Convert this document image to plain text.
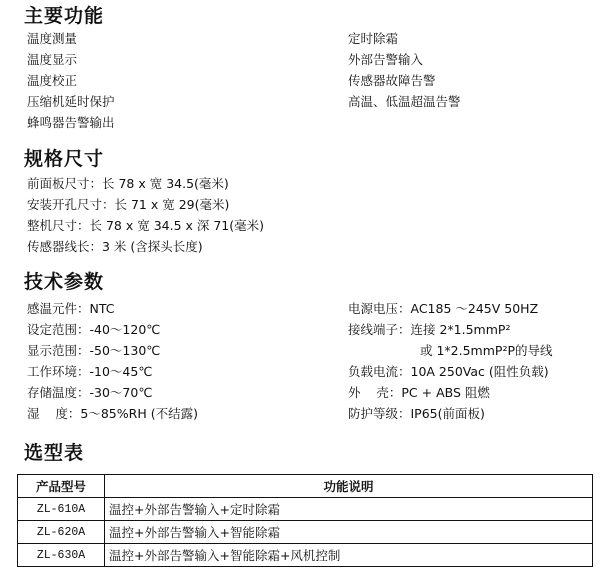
主要功能
温度测量
温度显示
温度校正
压缩机延时保护
蜂鸣器告警输出
定时除霜
外部告警输入
传感器故障告警
高温、低温超温告警
规格尺寸
前面板尺寸：长 78 x 宽 34.5(毫米)
安装开孔尺寸：长 71 x 宽 29(毫米)
整机尺寸：长 78 x 宽 34.5 x 深 71(毫米)
传感器线长：3 米 (含探头长度)
技术参数
感温元件：NTC
设定范围：-40～120℃
显示范围：-50～130℃
工作环境：-10～45℃
存储温度：-30～70℃
湿    度：5～85%RH (不结露)
电源电压：AC185 ～245V 50HZ
接线端子：连接 2*1.5mmP²
或 1*2.5mmP²P的导线
负载电流：10A 250Vac (阻性负载)
外    壳：PC + ABS 阻燃
防护等级：IP65(前面板)
选型表
产品型号	功能说明
ZL-610A	温控+外部告警输入+定时除霜
ZL-620A	温控+外部告警输入+智能除霜
ZL-630A	温控+外部告警输入+智能除霜+风机控制
